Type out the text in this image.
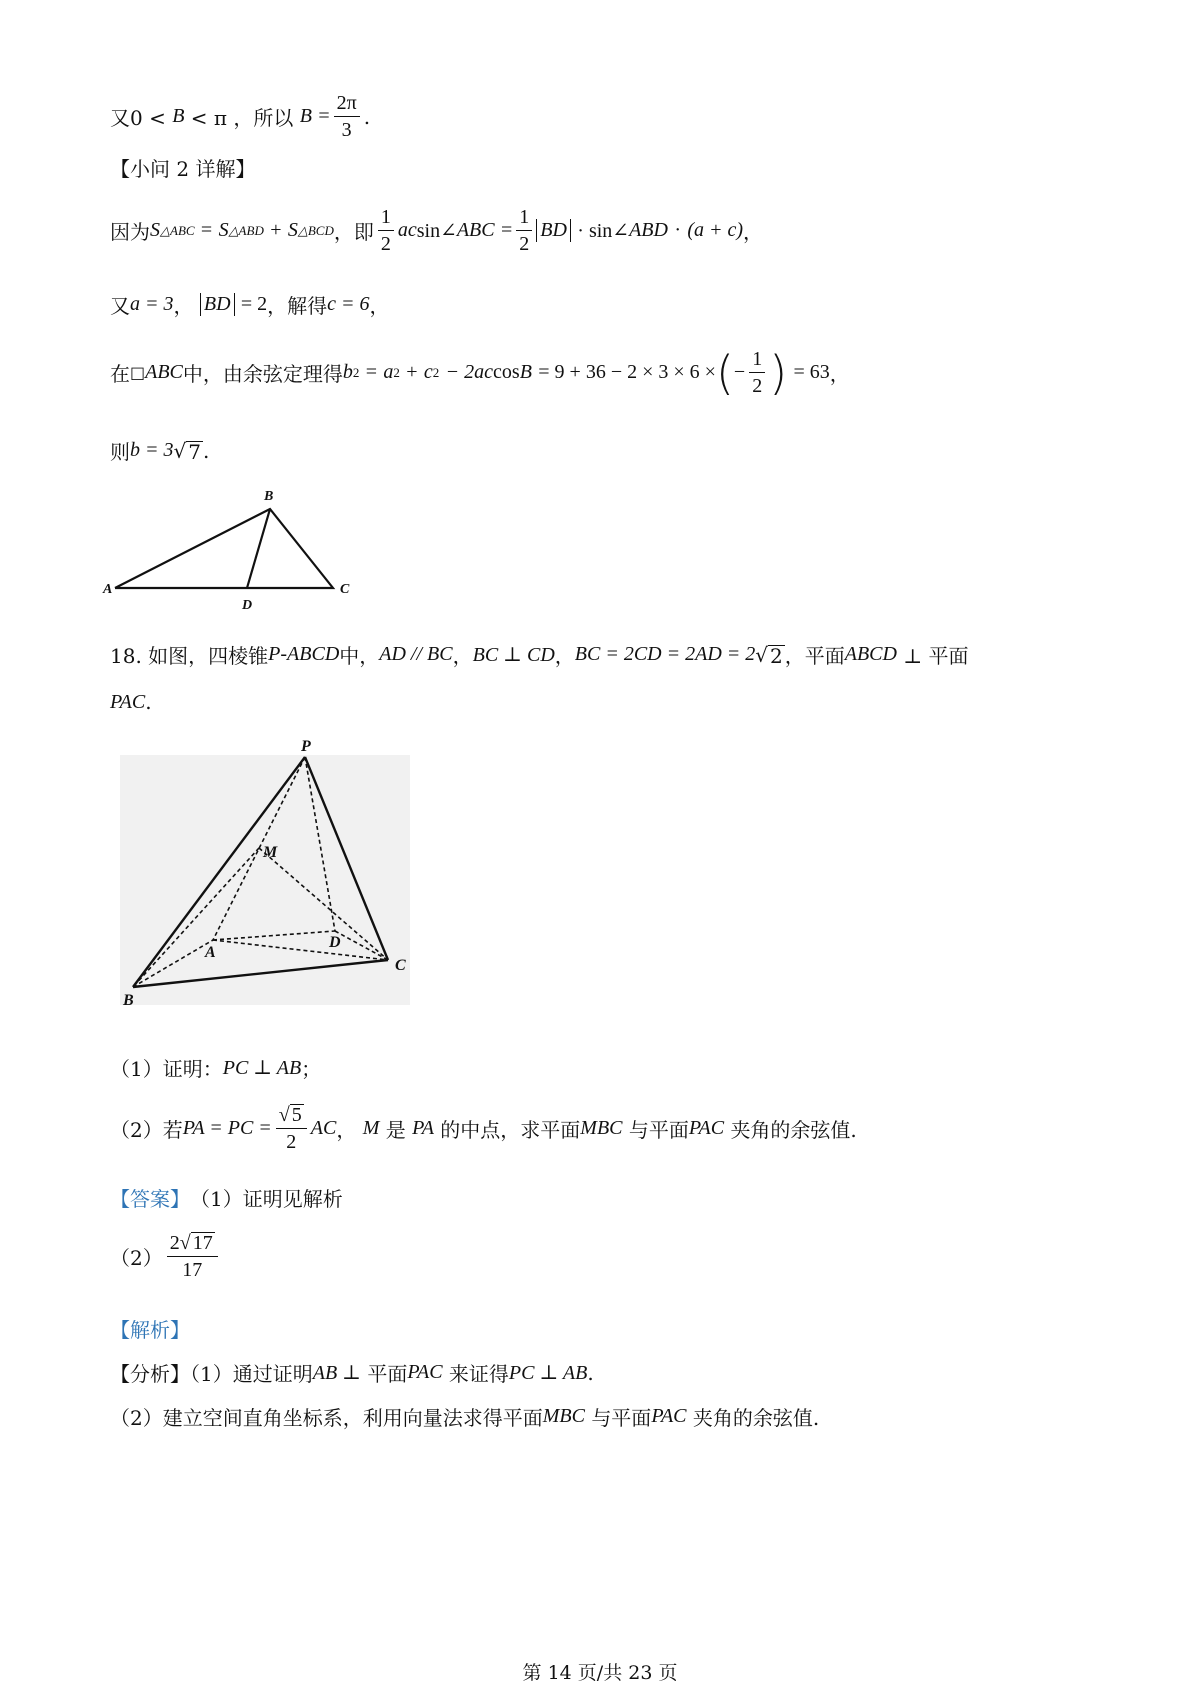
又0 <
B
< π ，所以
B
= $\frac{2\pi}{3}$ .
【小问 2 详解】
因为 S △ABC
=
S △ABD
+
S △BCD ，即 $\frac{1}{2}$ ac sin∠ ABC
= $\frac{1}{2}$ BD
· sin∠ ABD
·
(a + c) ，
又 a = 3 ，
BD
= 2 ，解得 c = 6 ，
在 □ ABC 中，由余弦定理得 b 2
=
a 2
+
c 2
− 2ac cos B
= 9 + 36 − 2 × 3 × 6 × ( − $\frac{1}{2}$ )
= 63 ，
则 b = 3 √ 7 .
A
B
C
D
18. 如图，四棱锥 P-ABCD 中， AD // BC ， BC ⊥ CD ， BC = 2CD = 2AD = 2 √ 2 ，平面 ABCD
⊥ 平面
PAC .
P
M
A
D
B
C
（1）证明： PC ⊥ AB ；
（2）若 PA = PC = $\frac{√ 5}{2}$ AC ，
M
是
PA
的中点，求平面 MBC
与平面 PAC
夹角的余弦值.
【答案】 （1）证明见解析
$(2) \frac{2 √ 17}{17}$
【解析】
【分析】（1）通过证明 AB ⊥
平面 PAC
来证得 PC ⊥ AB .
（2）建立空间直角坐标系，利用向量法求得平面 MBC
与平面 PAC
夹角的余弦值.
第 14 页/共 23 页
